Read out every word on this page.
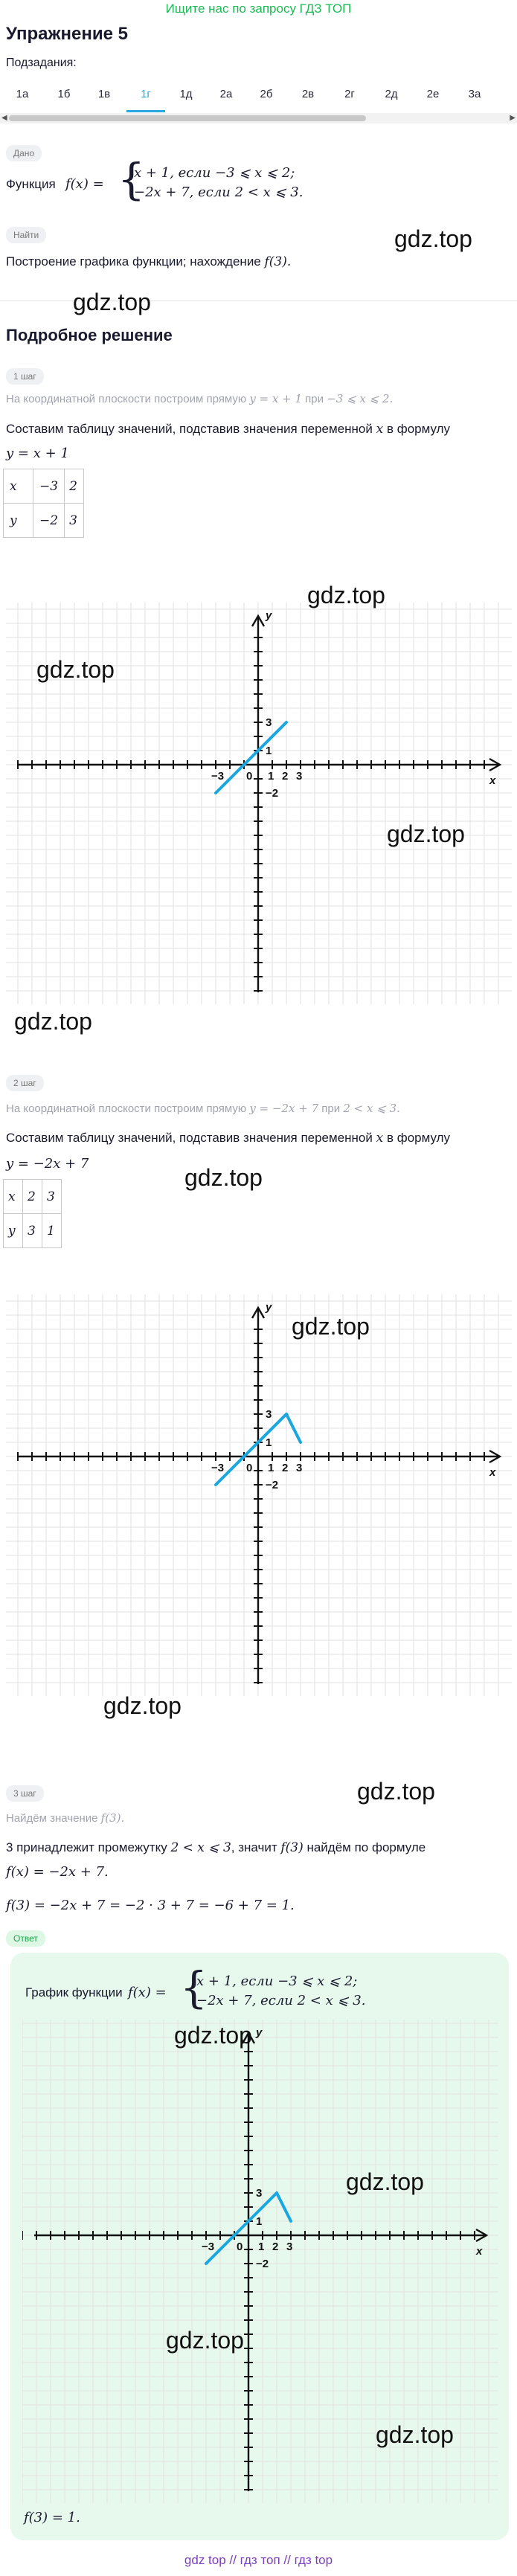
Ищите нас по запросу ГДЗ ТОП
Упражнение 5
Подзадания:
1а	1б	1в	1г	1д	2а	2б	2в	2г	2д	2е	3а
◀	▶
Дано
Функция f(x) = {
x + 1, если −3 ⩽ x ⩽ 2;
−2x + 7, если 2 < x ⩽ 3.
gdz.top
Найти
Построение графика функции; нахождение f(3).
gdz.top
Подробное решение
1 шаг
На координатной плоскости построим прямую y = x + 1 при −3 ⩽ x ⩽ 2.
Составим таблицу значений, подставив значения переменной x в формулу
y = x + 1
x	−3	2
y	−2	3
x
y
0
−3	1 2 3
3
1
−2
gdz.top
gdz.top
gdz.top
gdz.top
2 шаг
На координатной плоскости построим прямую y = −2x + 7 при 2 < x ⩽ 3.
Составим таблицу значений, подставив значения переменной x в формулу
y = −2x + 7
gdz.top
x	2	3
y	3	1
x
y
0
−3	1 2 3
3
1
−2
gdz.top
gdz.top
gdz.top
3 шаг
Найдём значение f(3).
3 принадлежит промежутку 2 < x ⩽ 3, значит f(3) найдём по формуле
f(x) = −2x + 7.
f(3) = −2x + 7 = −2 · 3 + 7 = −6 + 7 = 1.
Ответ
График функции f(x) = {
x + 1, если −3 ⩽ x ⩽ 2;
−2x + 7, если 2 < x ⩽ 3.
x
y
0
−3	1 2 3
3
1
−2
f(3) = 1.
gdz.top
gdz.top
gdz.top
gdz.top
gdz top // гдз топ // гдз top
